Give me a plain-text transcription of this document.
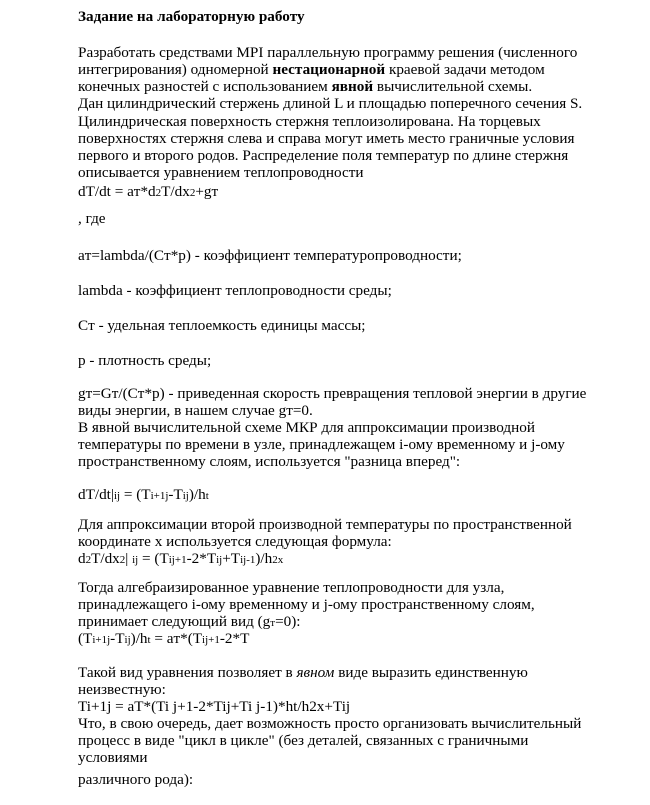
Задание на лабораторную работу
Разработать средствами MPI параллельную программу решения (численного
интегрирования) одномерной нестационарной краевой задачи методом
конечных разностей с использованием явной вычислительной схемы.
Дан цилиндрический стержень длиной L и площадью поперечного сечения S.
Цилиндрическая поверхность стержня теплоизолирована. На торцевых
поверхностях стержня слева и справа могут иметь место граничные условия
первого и второго родов. Распределение поля температур по длине стержня
описывается уравнением теплопроводности
dT/dt = aт*d2T/dx2+gт
, где
aт=lambda/(Cт*p) - коэффициент температуропроводности;
lambda - коэффициент теплопроводности среды;
Cт - удельная теплоемкость единицы массы;
p - плотность среды;
gт=Gт/(Cт*p) - приведенная скорость превращения тепловой энергии в другие
виды энергии, в нашем случае gт=0.
В явной вычислительной схеме МКР для аппроксимации производной
температуры по времени в узле, принадлежащем i-ому временному и j-ому
пространственному слоям, используется "разница вперед":
dT/dt|ij = (Ti+1j-Tij)/ht
Для аппроксимации второй производной температуры по пространственной
координате x используется следующая формула:
d2T/dx2| ij = (Tij+1-2*Tij+Tij-1)/h2x
Тогда алгебраизированное уравнение теплопроводности для узла,
принадлежащего i-ому временному и j-ому пространственному слоям,
принимает следующий вид (gт=0):
(Ti+1j-Tij)/ht = aт*(Tij+1-2*T
Такой вид уравнения позволяет в явном виде выразить единственную
неизвестную:
Ti+1j = aT*(Ti j+1-2*Tij+Ti j-1)*ht/h2x+Tij
Что, в свою очередь, дает возможность просто организовать вычислительный
процесс в виде "цикл в цикле" (без деталей, связанных с граничными
условиями
различного рода):
